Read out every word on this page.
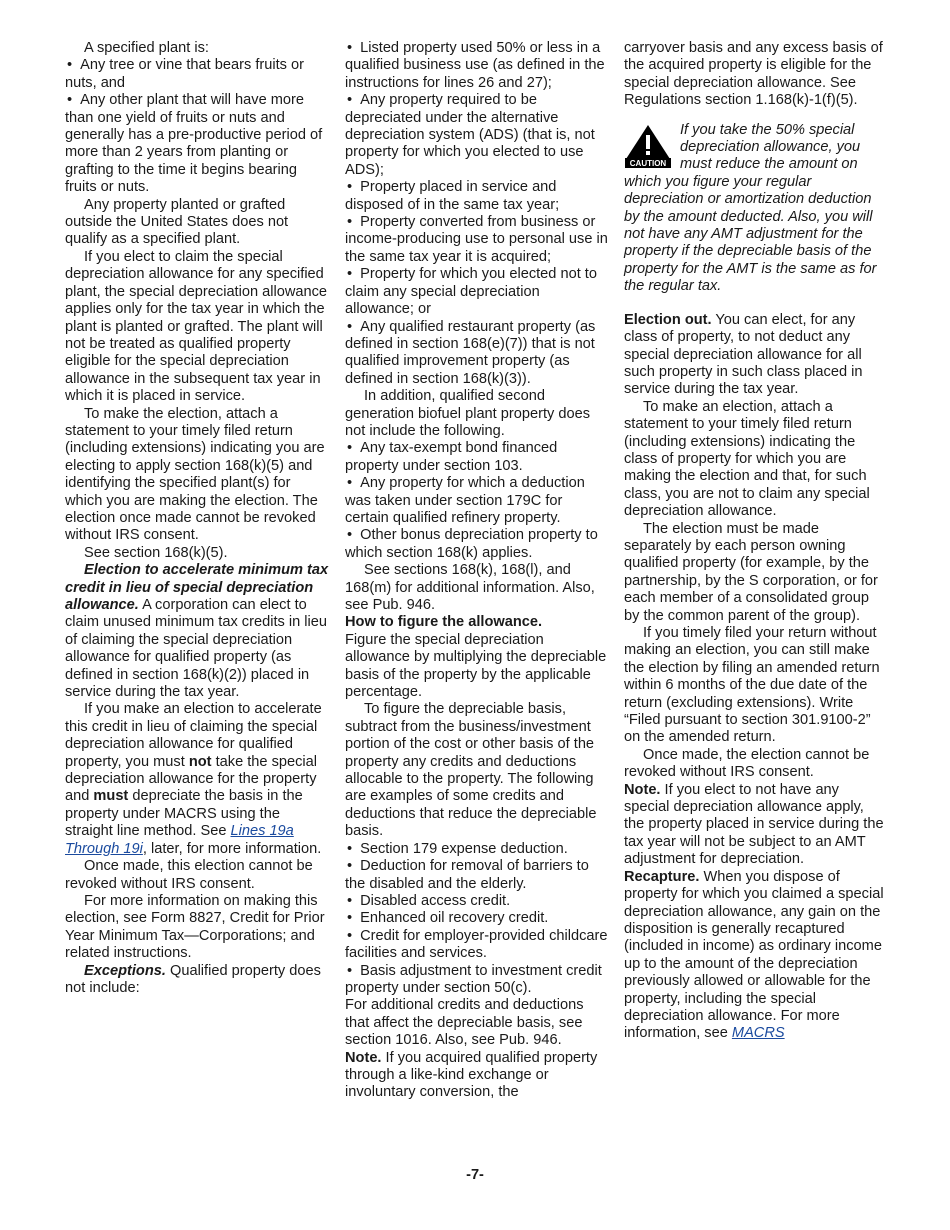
A specified plant is:

• Any tree or vine that bears fruits or nuts, and

• Any other plant that will have more than one yield of fruits or nuts and generally has a pre-productive period of more than 2 years from planting or grafting to the time it begins bearing fruits or nuts.

Any property planted or grafted outside the United States does not qualify as a specified plant.

If you elect to claim the special depreciation allowance for any specified plant, the special depreciation allowance applies only for the tax year in which the plant is planted or grafted. The plant will not be treated as qualified property eligible for the special depreciation allowance in the subsequent tax year in which it is placed in service.

To make the election, attach a statement to your timely filed return (including extensions) indicating you are electing to apply section 168(k)(5) and identifying the specified plant(s) for which you are making the election. The election once made cannot be revoked without IRS consent.

See section 168(k)(5).

Election to accelerate minimum tax credit in lieu of special depreciation allowance. A corporation can elect to claim unused minimum tax credits in lieu of claiming the special depreciation allowance for qualified property (as defined in section 168(k)(2)) placed in service during the tax year.

If you make an election to accelerate this credit in lieu of claiming the special depreciation allowance for qualified property, you must not take the special depreciation allowance for the property and must depreciate the basis in the property under MACRS using the straight line method. See Lines 19a Through 19i, later, for more information.

Once made, this election cannot be revoked without IRS consent.

For more information on making this election, see Form 8827, Credit for Prior Year Minimum Tax—Corporations; and related instructions.

Exceptions. Qualified property does not include:

• Listed property used 50% or less in a qualified business use (as defined in the instructions for lines 26 and 27);

• Any property required to be depreciated under the alternative depreciation system (ADS) (that is, not property for which you elected to use ADS);

• Property placed in service and disposed of in the same tax year;

• Property converted from business or income-producing use to personal use in the same tax year it is acquired;

• Property for which you elected not to claim any special depreciation allowance; or

• Any qualified restaurant property (as defined in section 168(e)(7)) that is not qualified improvement property (as defined in section 168(k)(3)).

In addition, qualified second generation biofuel plant property does not include the following.

• Any tax-exempt bond financed property under section 103.

• Any property for which a deduction was taken under section 179C for certain qualified refinery property.

• Other bonus depreciation property to which section 168(k) applies.

See sections 168(k), 168(l), and 168(m) for additional information. Also, see Pub. 946.

How to figure the allowance.
Figure the special depreciation allowance by multiplying the depreciable basis of the property by the applicable percentage.

To figure the depreciable basis, subtract from the business/investment portion of the cost or other basis of the property any credits and deductions allocable to the property. The following are examples of some credits and deductions that reduce the depreciable basis.

• Section 179 expense deduction.

• Deduction for removal of barriers to the disabled and the elderly.

• Disabled access credit.

• Enhanced oil recovery credit.

• Credit for employer-provided childcare facilities and services.

• Basis adjustment to investment credit property under section 50(c).

For additional credits and deductions that affect the depreciable basis, see section 1016. Also, see Pub. 946.

Note. If you acquired qualified property through a like-kind exchange or involuntary conversion, the

carryover basis and any excess basis of the acquired property is eligible for the special depreciation allowance. See Regulations section 1.168(k)-1(f)(5).

CAUTION

If you take the 50% special depreciation allowance, you must reduce the amount on which you figure your regular depreciation or amortization deduction by the amount deducted. Also, you will not have any AMT adjustment for the property if the depreciable basis of the property for the AMT is the same as for the regular tax.

Election out. You can elect, for any class of property, to not deduct any special depreciation allowance for all such property in such class placed in service during the tax year.

To make an election, attach a statement to your timely filed return (including extensions) indicating the class of property for which you are making the election and that, for such class, you are not to claim any special depreciation allowance.

The election must be made separately by each person owning qualified property (for example, by the partnership, by the S corporation, or for each member of a consolidated group by the common parent of the group).

If you timely filed your return without making an election, you can still make the election by filing an amended return within 6 months of the due date of the return (excluding extensions). Write “Filed pursuant to section 301.9100-2” on the amended return.

Once made, the election cannot be revoked without IRS consent.

Note. If you elect to not have any special depreciation allowance apply, the property placed in service during the tax year will not be subject to an AMT adjustment for depreciation.

Recapture. When you dispose of property for which you claimed a special depreciation allowance, any gain on the disposition is generally recaptured (included in income) as ordinary income up to the amount of the depreciation previously allowed or allowable for the property, including the special depreciation allowance. For more information, see MACRS

-7-
